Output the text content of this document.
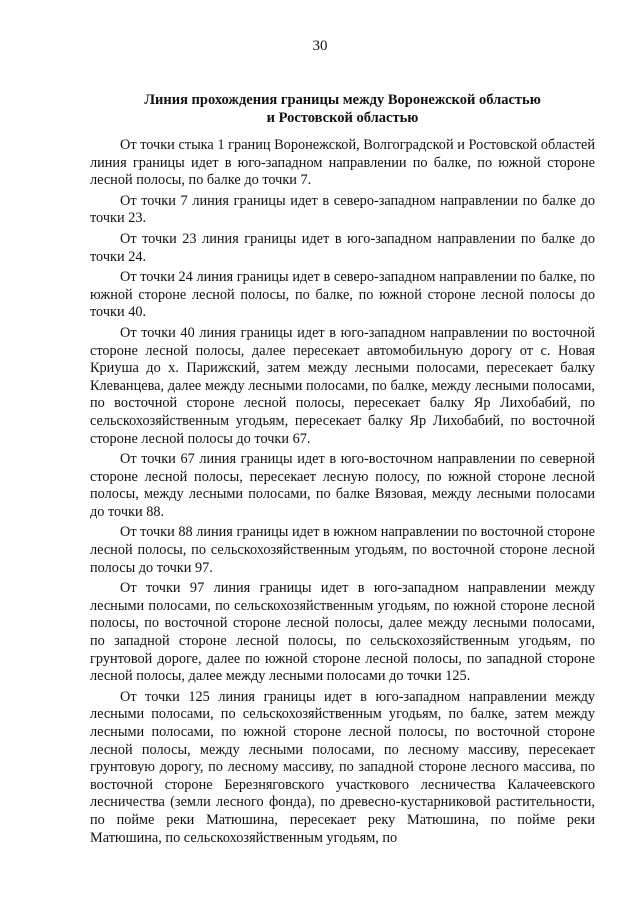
30
Линия прохождения границы между Воронежской областью
и Ростовской областью

От точки стыка 1 границ Воронежской, Волгоградской и Ростовской областей линия границы идет в юго-западном направлении по балке, по южной стороне лесной полосы, по балке до точки 7.

От точки 7 линия границы идет в северо-западном направлении по балке до точки 23.

От точки 23 линия границы идет в юго-западном направлении по балке до точки 24.

От точки 24 линия границы идет в северо-западном направлении по балке, по южной стороне лесной полосы, по балке, по южной стороне лесной полосы до точки 40.

От точки 40 линия границы идет в юго-западном направлении по восточной стороне лесной полосы, далее пересекает автомобильную дорогу от с. Новая Криуша до х. Парижский, затем между лесными полосами, пересекает балку Клеванцева, далее между лесными полосами, по балке, между лесными полосами, по восточной стороне лесной полосы, пересекает балку Яр Лихобабий, по сельскохозяйственным угодьям, пересекает балку Яр Лихобабий, по восточной стороне лесной полосы до точки 67.

От точки 67 линия границы идет в юго-восточном направлении по северной стороне лесной полосы, пересекает лесную полосу, по южной стороне лесной полосы, между лесными полосами, по балке Вязовая, между лесными полосами до точки 88.

От точки 88 линия границы идет в южном направлении по восточной стороне лесной полосы, по сельскохозяйственным угодьям, по восточной стороне лесной полосы до точки 97.

От точки 97 линия границы идет в юго-западном направлении между лесными полосами, по сельскохозяйственным угодьям, по южной стороне лесной полосы, по восточной стороне лесной полосы, далее между лесными полосами, по западной стороне лесной полосы, по сельскохозяйственным угодьям, по грунтовой дороге, далее по южной стороне лесной полосы, по западной стороне лесной полосы, далее между лесными полосами до точки 125.

От точки 125 линия границы идет в юго-западном направлении между лесными полосами, по сельскохозяйственным угодьям, по балке, затем между лесными полосами, по южной стороне лесной полосы, по восточной стороне лесной полосы, между лесными полосами, по лесному массиву, пересекает грунтовую дорогу, по лесному массиву, по западной стороне лесного массива, по восточной стороне Березняговского участкового лесничества Калачеевского лесничества (земли лесного фонда), по древесно-кустарниковой растительности, по пойме реки Матюшина, пересекает реку Матюшина, по пойме реки Матюшина, по сельскохозяйственным угодьям, по
